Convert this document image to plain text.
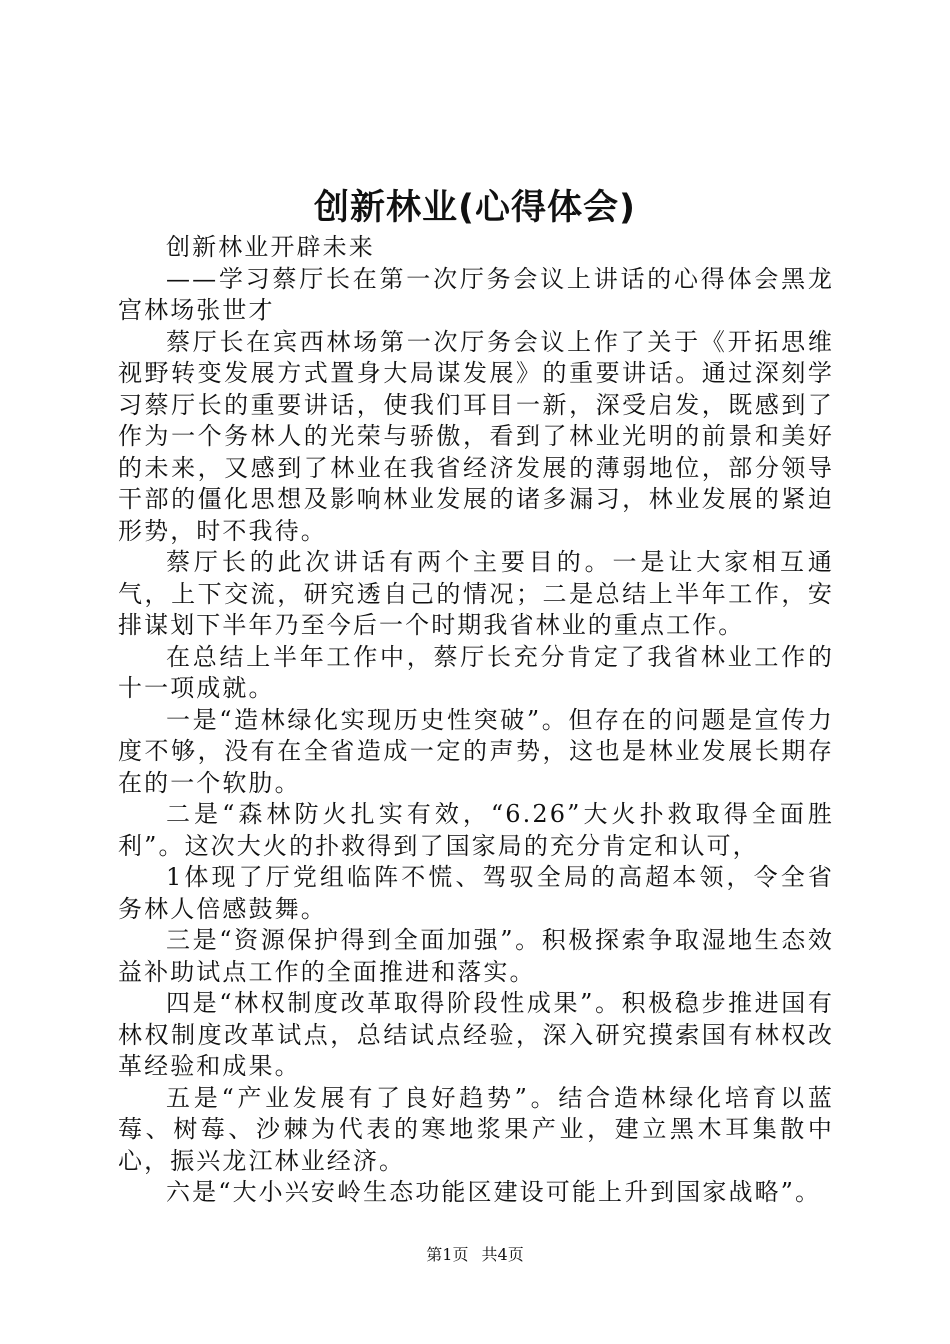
创新林业(心得体会)

创新林业开辟未来

——学习蔡厅长在第一次厅务会议上讲话的心得体会黑龙宫林场张世才

蔡厅长在宾西林场第一次厅务会议上作了关于《开拓思维视野转变发展方式置身大局谋发展》的重要讲话。通过深刻学习蔡厅长的重要讲话，使我们耳目一新，深受启发，既感到了作为一个务林人的光荣与骄傲，看到了林业光明的前景和美好的未来，又感到了林业在我省经济发展的薄弱地位，部分领导干部的僵化思想及影响林业发展的诸多漏习，林业发展的紧迫形势，时不我待。

蔡厅长的此次讲话有两个主要目的。一是让大家相互通气，上下交流，研究透自己的情况；二是总结上半年工作，安排谋划下半年乃至今后一个时期我省林业的重点工作。

在总结上半年工作中，蔡厅长充分肯定了我省林业工作的十一项成就。

一是“造林绿化实现历史性突破”。但存在的问题是宣传力度不够，没有在全省造成一定的声势，这也是林业发展长期存在的一个软肋。

二是“森林防火扎实有效，“6.26”大火扑救取得全面胜利”。这次大火的扑救得到了国家局的充分肯定和认可，

1体现了厅党组临阵不慌、驾驭全局的高超本领，令全省务林人倍感鼓舞。

三是“资源保护得到全面加强”。积极探索争取湿地生态效益补助试点工作的全面推进和落实。

四是“林权制度改革取得阶段性成果”。积极稳步推进国有林权制度改革试点，总结试点经验，深入研究摸索国有林权改革经验和成果。

五是“产业发展有了良好趋势”。结合造林绿化培育以蓝莓、树莓、沙棘为代表的寒地浆果产业，建立黑木耳集散中心，振兴龙江林业经济。

六是“大小兴安岭生态功能区建设可能上升到国家战略”。

第1页 共4页
